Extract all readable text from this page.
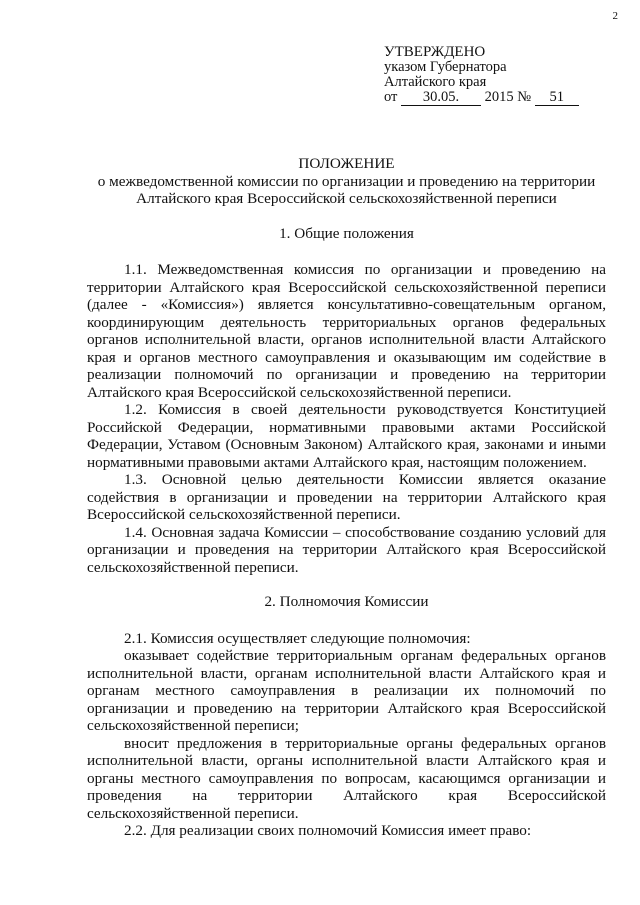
2
УТВЕРЖДЕНО
указом Губернатора
Алтайского края
от 30.05. 2015 № 51
ПОЛОЖЕНИЕ
о межведомственной комиссии по организации и проведению на территории Алтайского края Всероссийской сельскохозяйственной переписи
1. Общие положения

1.1. Межведомственная комиссия по организации и проведению на территории Алтайского края Всероссийской сельскохозяйственной переписи (далее - «Комиссия») является консультативно-совещательным органом, координирующим деятельность территориальных органов федеральных органов исполнительной власти, органов исполнительной власти Алтайского края и органов местного самоуправления и оказывающим им содействие в реализации полномочий по организации и проведению на территории Алтайского края Всероссийской сельскохозяйственной переписи.

1.2. Комиссия в своей деятельности руководствуется Конституцией Российской Федерации, нормативными правовыми актами Российской Федерации, Уставом (Основным Законом) Алтайского края, законами и иными нормативными правовыми актами Алтайского края, настоящим положением.

1.3. Основной целью деятельности Комиссии является оказание содействия в организации и проведении на территории Алтайского края Всероссийской сельскохозяйственной переписи.

1.4. Основная задача Комиссии – способствование созданию условий для организации и проведения на территории Алтайского края Всероссийской сельскохозяйственной переписи.

2. Полномочия Комиссии

2.1. Комиссия осуществляет следующие полномочия:

оказывает содействие территориальным органам федеральных органов исполнительной власти, органам исполнительной власти Алтайского края и органам местного самоуправления в реализации их полномочий по организации и проведению на территории Алтайского края Всероссийской сельскохозяйственной переписи;

вносит предложения в территориальные органы федеральных органов исполнительной власти, органы исполнительной власти Алтайского края и органы местного самоуправления по вопросам, касающимся организации и проведения на территории Алтайского края Всероссийской сельскохозяйственной переписи.

2.2. Для реализации своих полномочий Комиссия имеет право:
